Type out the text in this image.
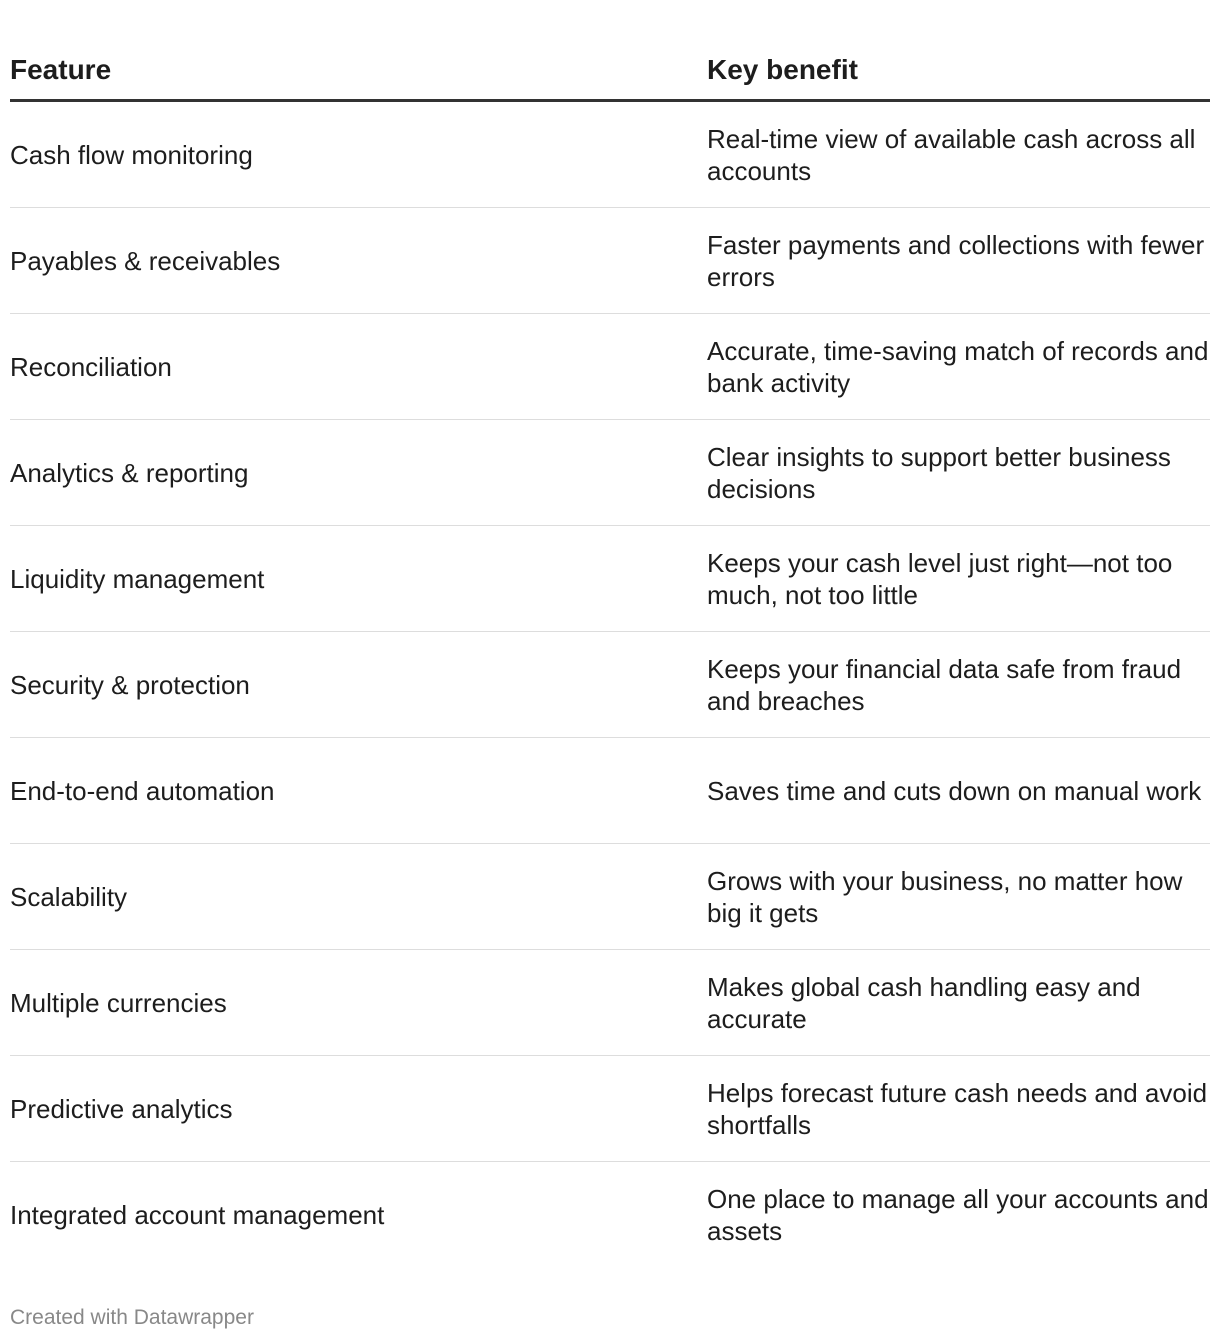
Feature	Key benefit
Cash flow monitoring
Real-time view of available cash across all accounts
Payables & receivables
Faster payments and collections with fewer errors
Reconciliation
Accurate, time-saving match of records and bank activity
Analytics & reporting
Clear insights to support better business decisions
Liquidity management
Keeps your cash level just right—not too much, not too little
Security & protection
Keeps your financial data safe from fraud and breaches
End-to-end automation	Saves time and cuts down on manual work
Scalability
Grows with your business, no matter how big it gets
Multiple currencies
Makes global cash handling easy and accurate
Predictive analytics
Helps forecast future cash needs and avoid shortfalls
Integrated account management
One place to manage all your accounts and assets
Created with Datawrapper
